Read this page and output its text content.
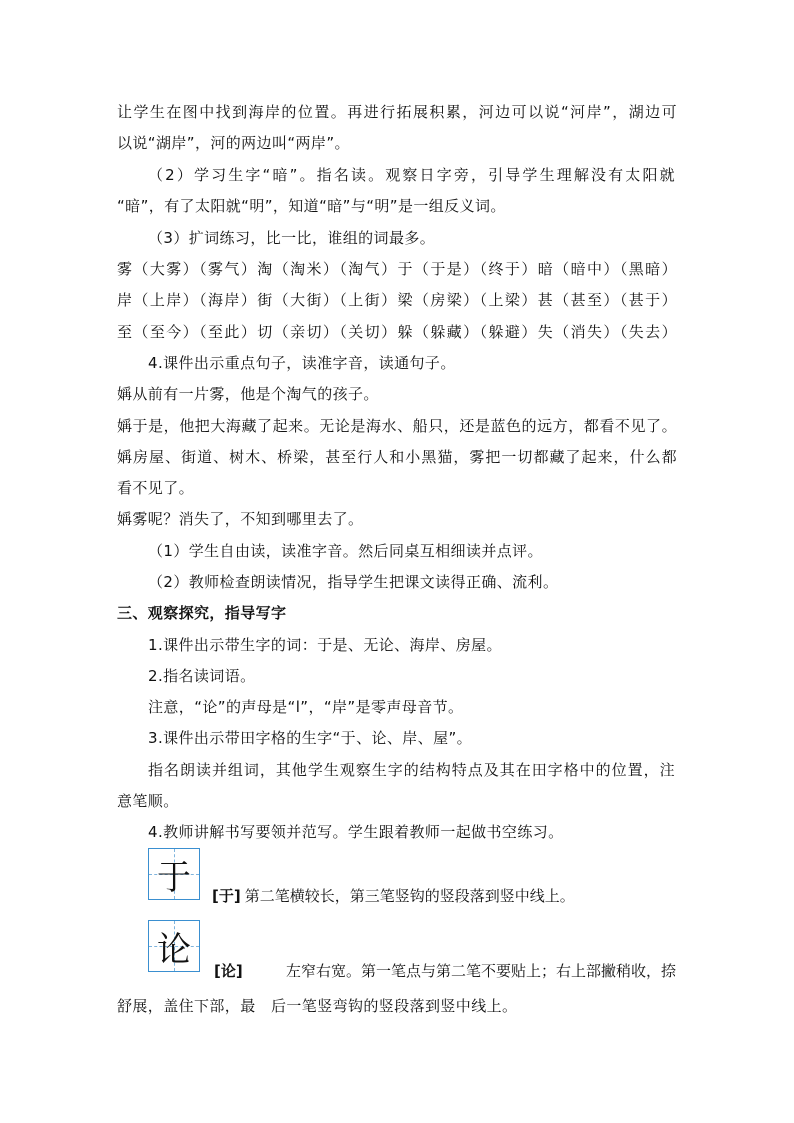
让学生在图中找到海岸的位置。再进行拓展积累，河边可以说“河岸”，湖边可
以说“湖岸”，河的两边叫“两岸”。
（2）学习生字“暗”。指名读。观察日字旁，引导学生理解没有太阳就
“暗”，有了太阳就“明”，知道“暗”与“明”是一组反义词。
（3）扩词练习，比一比，谁组的词最多。
雾（大雾）（雾气）淘（淘米）（淘气）于（于是）（终于）暗（暗中）（黑暗）
岸（上岸）（海岸）街（大街）（上街）梁（房梁）（上梁）甚（甚至）（甚于）
至（至今）（至此）切（亲切）（关切）躲（躲藏）（躲避）失（消失）（失去）
4.课件出示重点句子，读准字音，读通句子。
㛵从前有一片雾，他是个淘气的孩子。
㛵于是，他把大海藏了起来。无论是海水、船只，还是蓝色的远方，都看不见了。
㛵房屋、街道、树木、桥梁，甚至行人和小黑猫，雾把一切都藏了起来，什么都
看不见了。
㛵雾呢？消失了，不知到哪里去了。
（1）学生自由读，读准字音。然后同桌互相细读并点评。
（2）教师检查朗读情况，指导学生把课文读得正确、流利。
三、观察探究，指导写字
1.课件出示带生字的词：于是、无论、海岸、房屋。
2.指名读词语。
注意，“论”的声母是“l”，“岸”是零声母音节。
3.课件出示带田字格的生字“于、论、岸、屋”。
指名朗读并组词，其他学生观察生字的结构特点及其在田字格中的位置，注
意笔顺。
4.教师讲解书写要领并范写。学生跟着教师一起做书空练习。
于	[于] 第二笔横较长，第三笔竖钩的竖段落到竖中线上。
论
[论]	左窄右宽。第一笔点与第二笔不要贴上；右上部撇稍收，捺
舒展，盖住下部，最　后一笔竖弯钩的竖段落到竖中线上。
